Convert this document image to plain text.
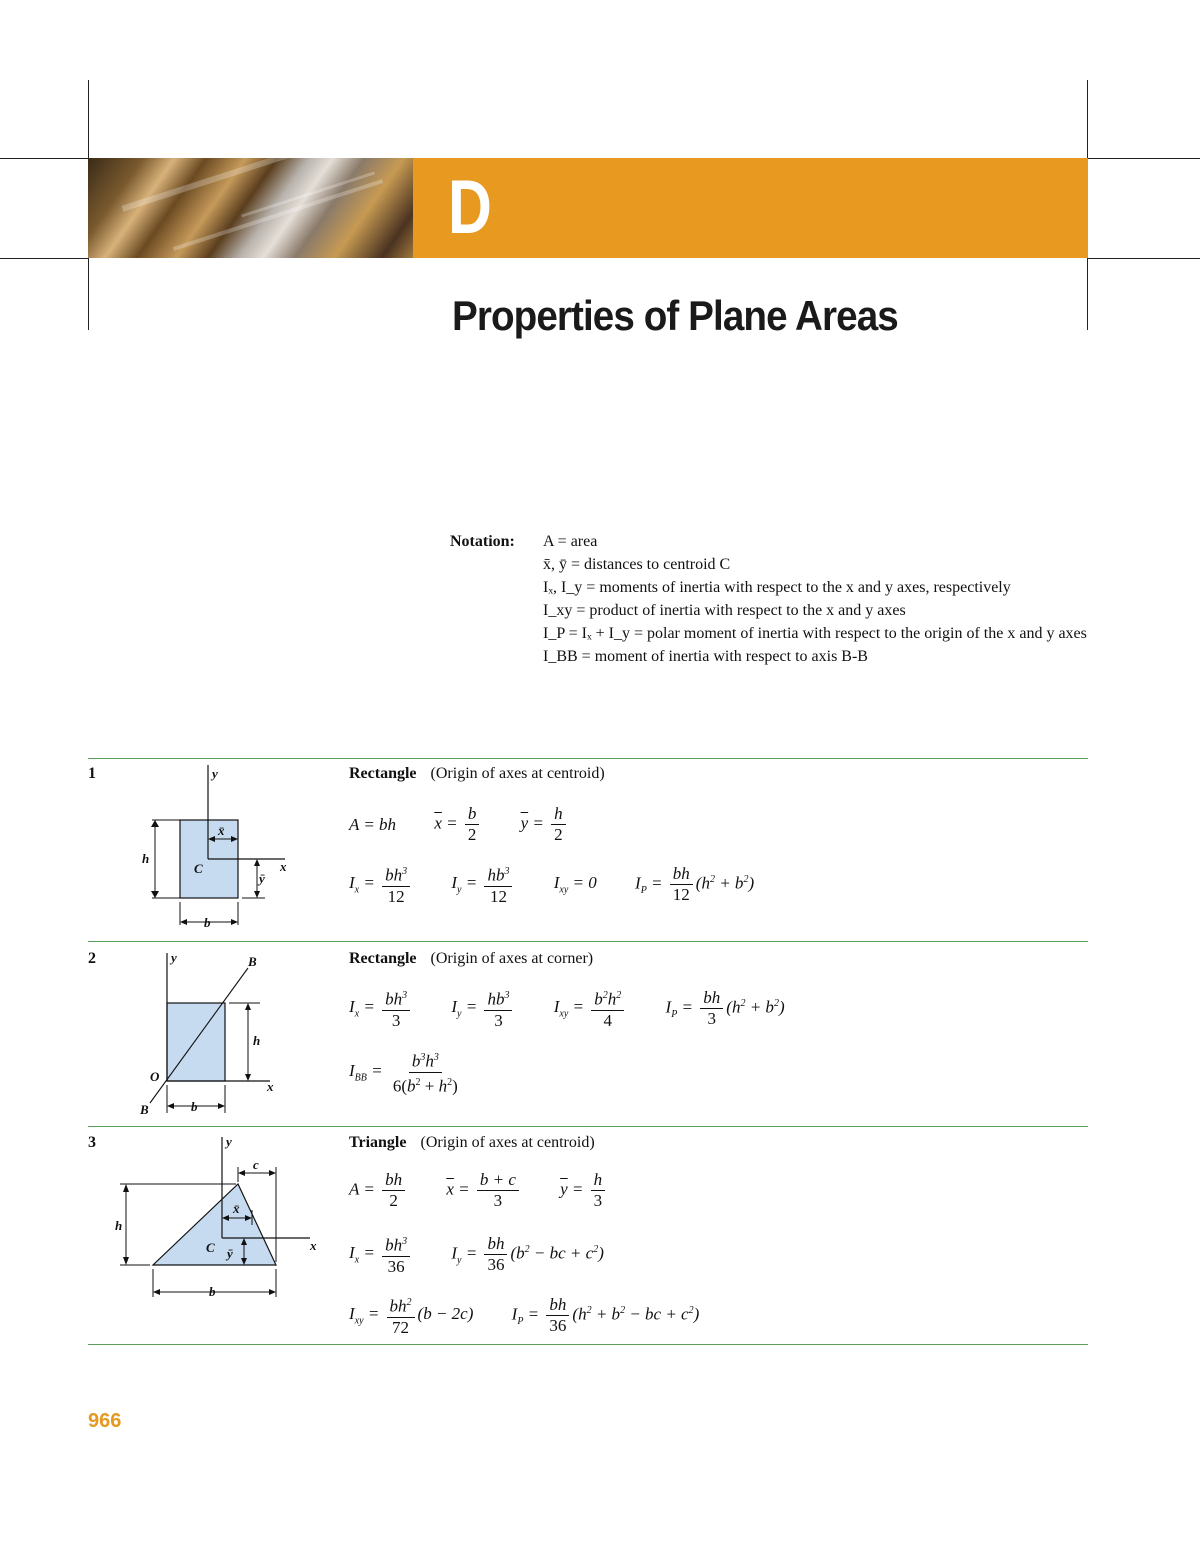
D
Properties of Plane Areas
Notation: A = area
x̄, ȳ = distances to centroid C
Iₓ, I_y = moments of inertia with respect to the x and y axes, respectively
I_xy = product of inertia with respect to the x and y axes
I_P = Iₓ + I_y = polar moment of inertia with respect to the origin of the x and y axes
I_BB = moment of inertia with respect to axis B-B
1	y
x
C
h
b
x̄
ȳ
Rectangle (Origin of axes at centroid)
A = bh $\overline{x} = \frac{b}{2} \overline{y} = \frac{h}{2}$
$I_x = \frac{bh^3}{12} I_y = \frac{hb^3}{12} I_{xy} = 0$ $I_P = \frac{bh}{12} (h^2 + b^2)$
2	y	B
h
O
x
B	b
Rectangle (Origin of axes at corner)
$I_x = \frac{bh^3}{3} I_y = \frac{hb^3}{3} I_{xy} = \frac{b^2h^2}{4} I_P = \frac{bh}{3} (h^2 + b^2)$
$I_{BB} = \frac{b^3h^3}{6(b^2 + h^2)}$
3	y
c
x̄
h
C ȳ
x
b
Triangle (Origin of axes at centroid)
$A = \frac{bh}{2} \overline{x} = \frac{b + c}{3} \overline{y} = \frac{h}{3}$
$I_x = \frac{bh^3}{36} I_y = \frac{bh}{36} (b^2$ − bc + $c^2$)
$I_{xy} = \frac{bh^2}{72} (b - 2c) I_P = \frac{bh}{36} (h^2 + b^2$ − bc + $c^2$)
966
